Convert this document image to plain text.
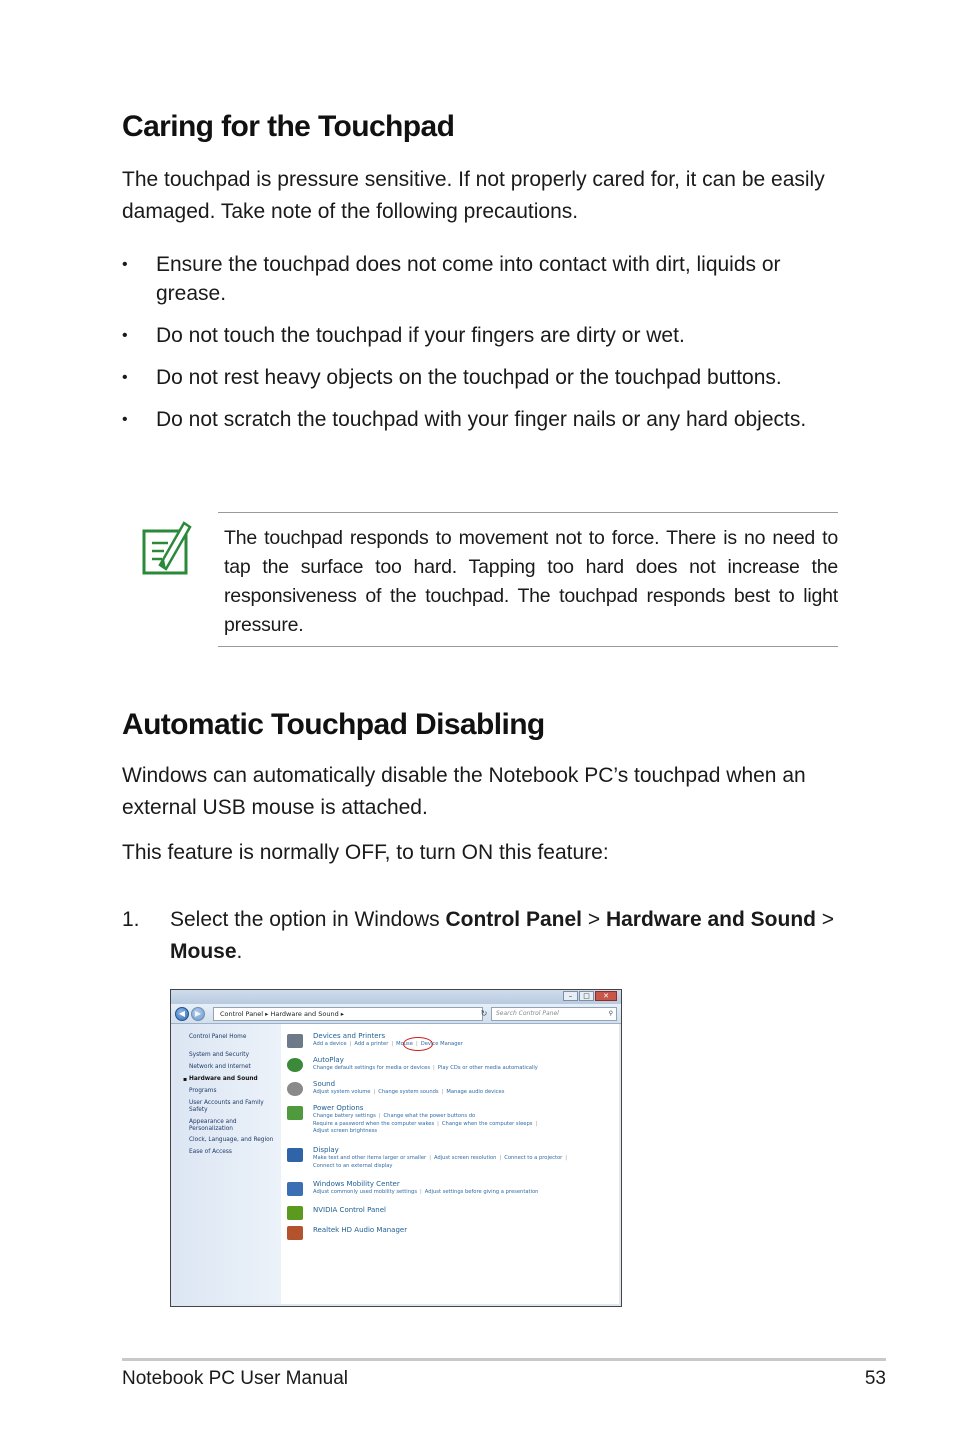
Caring for the Touchpad
The touchpad is pressure sensitive. If not properly cared for, it can be easily damaged. Take note of the following precautions.
• Ensure the touchpad does not come into contact with dirt, liquids or grease.
• Do not touch the touchpad if your fingers are dirty or wet.
• Do not rest heavy objects on the touchpad or the touchpad buttons.
• Do not scratch the touchpad with your finger nails or any hard objects.
The touchpad responds to movement not to force. There is no need to tap the surface too hard. Tapping too hard does not increase the responsiveness of the touchpad. The touchpad responds best to light pressure.
Automatic Touchpad Disabling
Windows can automatically disable the Notebook PC’s touchpad when an external USB mouse is attached.
This feature is normally OFF, to turn ON this feature:
1. Select the option in Windows Control Panel > Hardware and Sound > Mouse.
–	□	✕
◀	▶	Control Panel ▸ Hardware and Sound ▸	↻	Search Control Panel	⚲
Control Panel Home
System and Security
Network and Internet
▪ Hardware and Sound
Programs
User Accounts and Family Safety
Appearance and Personalization
Clock, Language, and Region
Ease of Access
Devices and Printers
Add a device | Add a printer | Mouse | Device Manager
AutoPlay
Change default settings for media or devices | Play CDs or other media automatically
Sound
Adjust system volume | Change system sounds | Manage audio devices
Power Options
Change battery settings | Change what the power buttons do
Require a password when the computer wakes | Change when the computer sleeps |
Adjust screen brightness
Display
Make text and other items larger or smaller | Adjust screen resolution | Connect to a projector |
Connect to an external display
Windows Mobility Center
Adjust commonly used mobility settings | Adjust settings before giving a presentation
NVIDIA Control Panel
Realtek HD Audio Manager
Notebook PC User Manual	53
